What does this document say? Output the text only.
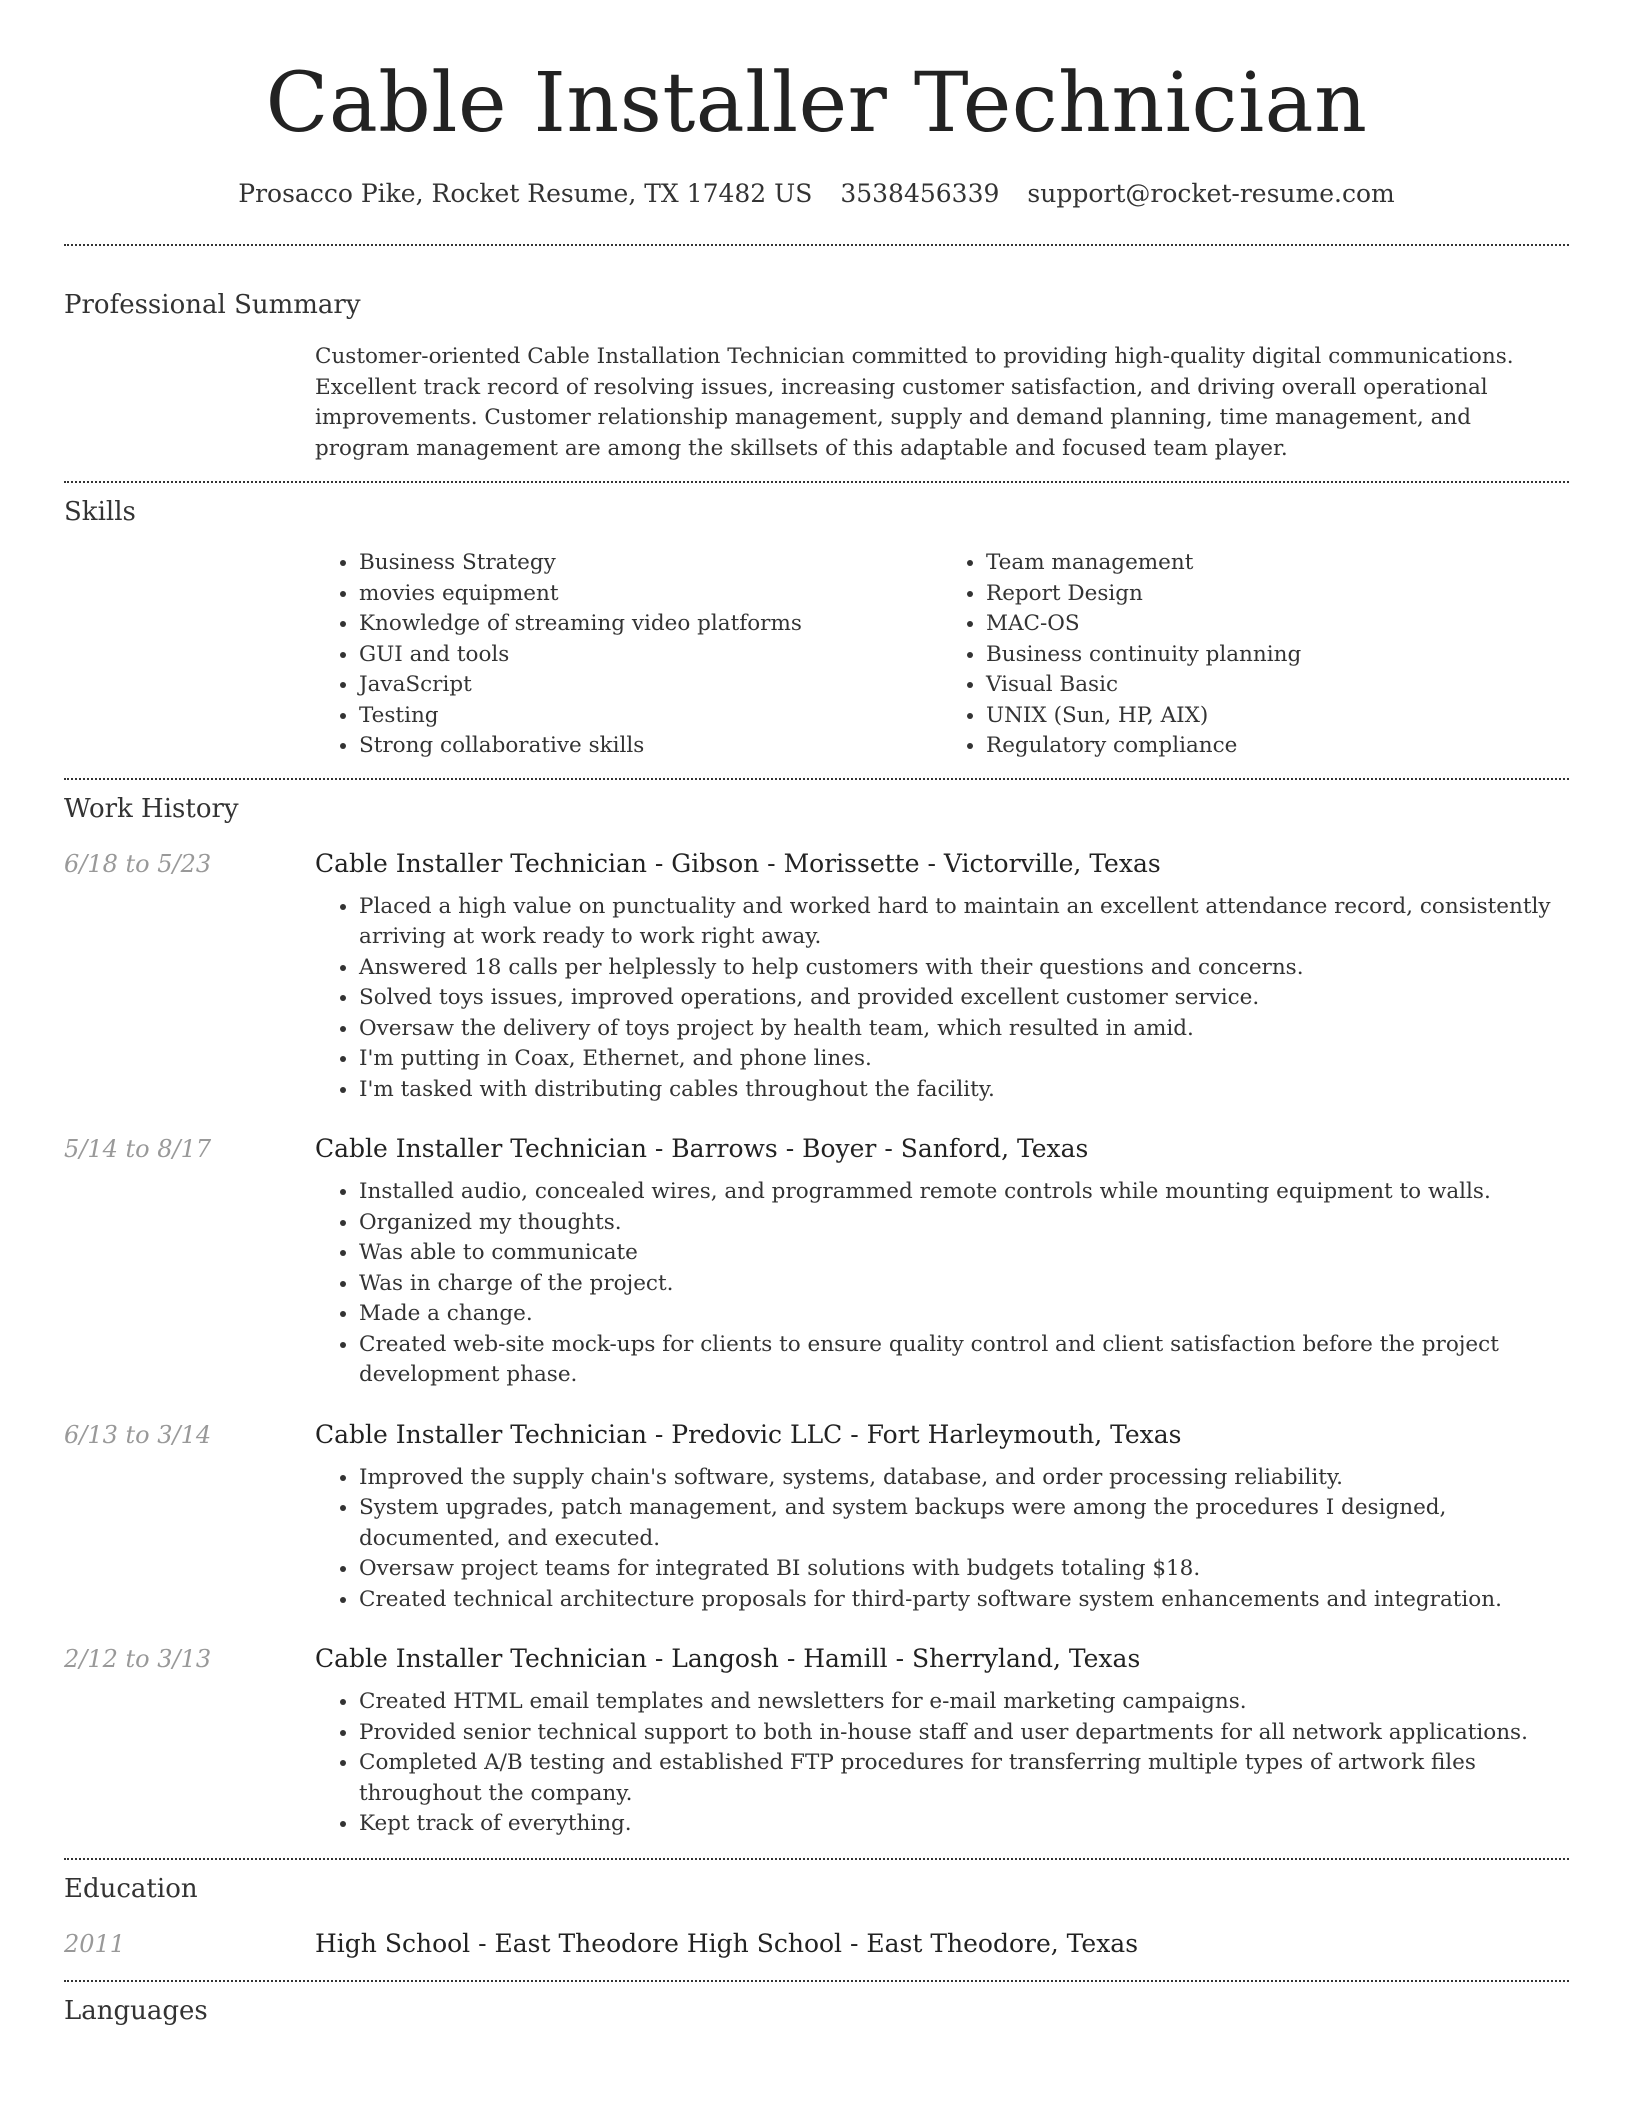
Cable Installer Technician
Prosacco Pike, Rocket Resume, TX 17482 US 3538456339 support@rocket-resume.com
Professional Summary
Customer-oriented Cable Installation Technician committed to providing high-quality digital communications. Excellent track record of resolving issues, increasing customer satisfaction, and driving overall operational improvements. Customer relationship management, supply and demand planning, time management, and program management are among the skillsets of this adaptable and focused team player.
Skills
• Business Strategy
• movies equipment
• Knowledge of streaming video platforms
• GUI and tools
• JavaScript
• Testing
• Strong collaborative skills
• Team management
• Report Design
• MAC-OS
• Business continuity planning
• Visual Basic
• UNIX (Sun, HP, AIX)
• Regulatory compliance
Work History
6/18 to 5/23	Cable Installer Technician - Gibson - Morissette - Victorville, Texas
• Placed a high value on punctuality and worked hard to maintain an excellent attendance record, consistently arriving at work ready to work right away.
• Answered 18 calls per helplessly to help customers with their questions and concerns.
• Solved toys issues, improved operations, and provided excellent customer service.
• Oversaw the delivery of toys project by health team, which resulted in amid.
• I'm putting in Coax, Ethernet, and phone lines.
• I'm tasked with distributing cables throughout the facility.
5/14 to 8/17	Cable Installer Technician - Barrows - Boyer - Sanford, Texas
• Installed audio, concealed wires, and programmed remote controls while mounting equipment to walls.
• Organized my thoughts.
• Was able to communicate
• Was in charge of the project.
• Made a change.
• Created web-site mock-ups for clients to ensure quality control and client satisfaction before the project development phase.
6/13 to 3/14	Cable Installer Technician - Predovic LLC - Fort Harleymouth, Texas
• Improved the supply chain's software, systems, database, and order processing reliability.
• System upgrades, patch management, and system backups were among the procedures I designed, documented, and executed.
• Oversaw project teams for integrated BI solutions with budgets totaling $18.
• Created technical architecture proposals for third-party software system enhancements and integration.
2/12 to 3/13	Cable Installer Technician - Langosh - Hamill - Sherryland, Texas
• Created HTML email templates and newsletters for e-mail marketing campaigns.
• Provided senior technical support to both in-house staff and user departments for all network applications.
• Completed A/B testing and established FTP procedures for transferring multiple types of artwork files throughout the company.
• Kept track of everything.
Education
2011	High School - East Theodore High School - East Theodore, Texas
Languages
